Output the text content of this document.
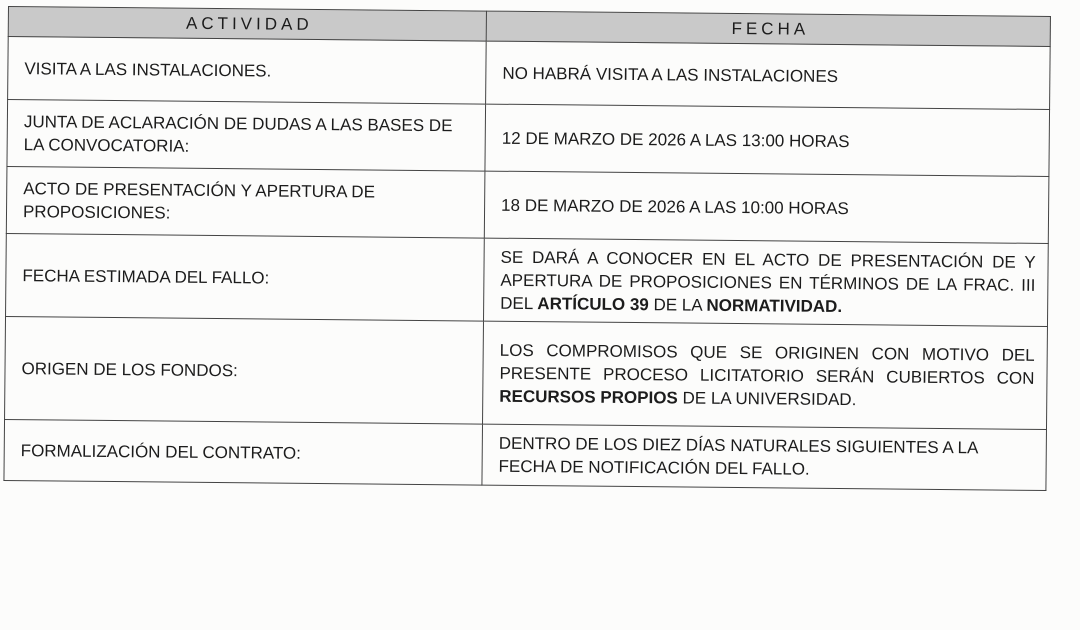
ACTIVIDAD	FECHA
VISITA A LAS INSTALACIONES.	NO HABRÁ VISITA A LAS INSTALACIONES
JUNTA DE ACLARACIÓN DE DUDAS A LAS BASES DE LA CONVOCATORIA:	12 DE MARZO DE 2026 A LAS 13:00 HORAS
ACTO DE PRESENTACIÓN Y APERTURA DE PROPOSICIONES:	18 DE MARZO DE 2026 A LAS 10:00 HORAS
FECHA ESTIMADA DEL FALLO:	SE DARÁ A CONOCER EN EL ACTO DE PRESENTACIÓN DE Y APERTURA DE PROPOSICIONES EN TÉRMINOS DE LA FRAC. III DEL ARTÍCULO 39 DE LA NORMATIVIDAD.
ORIGEN DE LOS FONDOS:	LOS COMPROMISOS QUE SE ORIGINEN CON MOTIVO DEL PRESENTE PROCESO LICITATORIO SERÁN CUBIERTOS CON RECURSOS PROPIOS DE LA UNIVERSIDAD.
FORMALIZACIÓN DEL CONTRATO:	DENTRO DE LOS DIEZ DÍAS NATURALES SIGUIENTES A LA FECHA DE NOTIFICACIÓN DEL FALLO.
